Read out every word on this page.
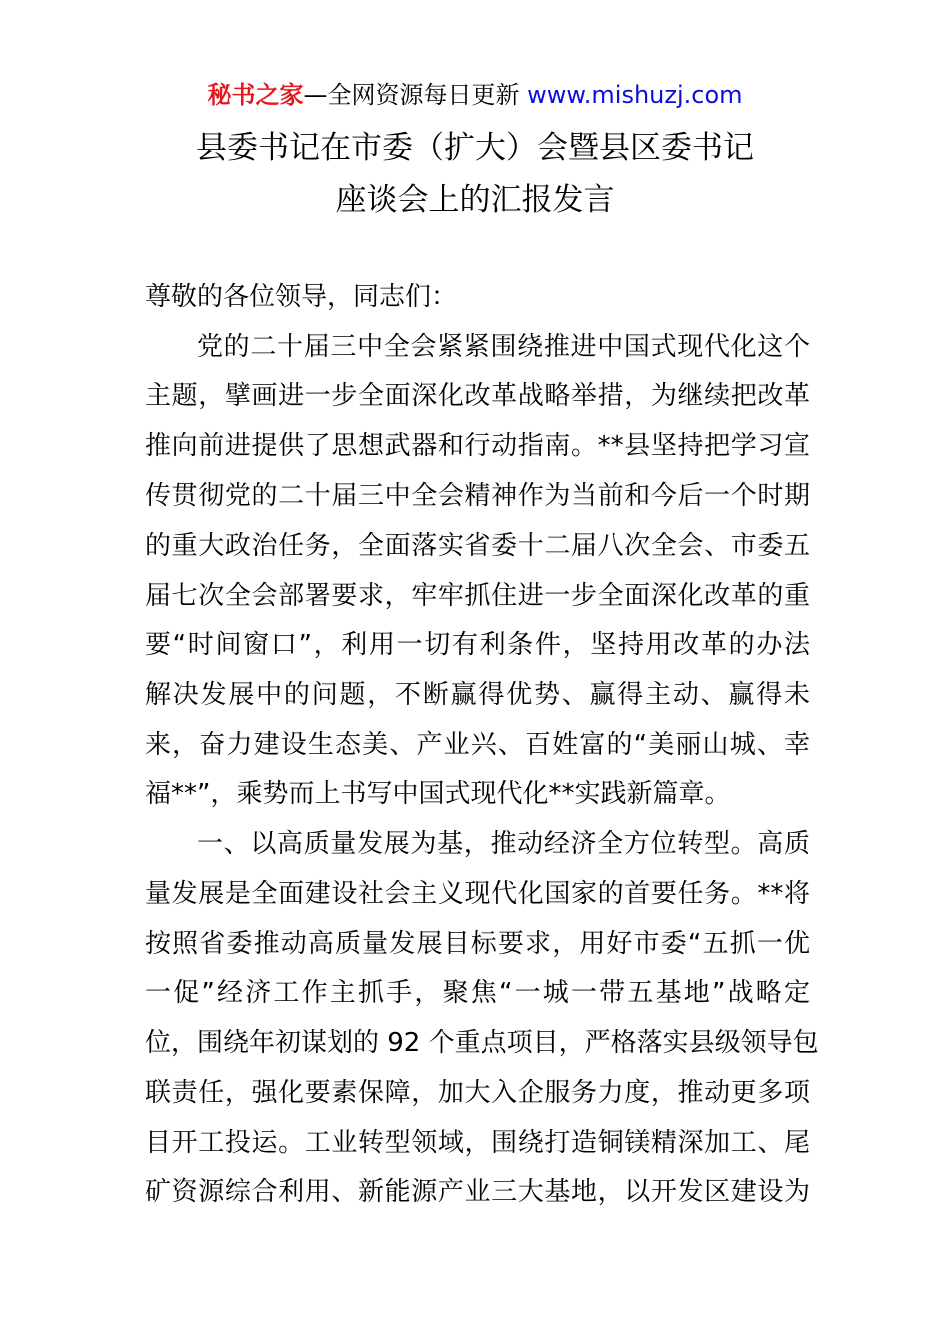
秘书之家—全网资源每日更新 www.mishuzj.com
县委书记在市委（扩大）会暨县区委书记
座谈会上的汇报发言
尊敬的各位领导，同志们：
党的二十届三中全会紧紧围绕推进中国式现代化这个
主题，擘画进一步全面深化改革战略举措，为继续把改革
推向前进提供了思想武器和行动指南。**县坚持把学习宣
传贯彻党的二十届三中全会精神作为当前和今后一个时期
的重大政治任务，全面落实省委十二届八次全会、市委五
届七次全会部署要求，牢牢抓住进一步全面深化改革的重
要“时间窗口”，利用一切有利条件，坚持用改革的办法
解决发展中的问题，不断赢得优势、赢得主动、赢得未
来，奋力建设生态美、产业兴、百姓富的“美丽山城、幸
福**”，乘势而上书写中国式现代化**实践新篇章。
一、以高质量发展为基，推动经济全方位转型。高质
量发展是全面建设社会主义现代化国家的首要任务。**将
按照省委推动高质量发展目标要求，用好市委“五抓一优
一促”经济工作主抓手，聚焦“一城一带五基地”战略定
位，围绕年初谋划的 92 个重点项目，严格落实县级领导包
联责任，强化要素保障，加大入企服务力度，推动更多项
目开工投运。工业转型领域，围绕打造铜镁精深加工、尾
矿资源综合利用、新能源产业三大基地，以开发区建设为
